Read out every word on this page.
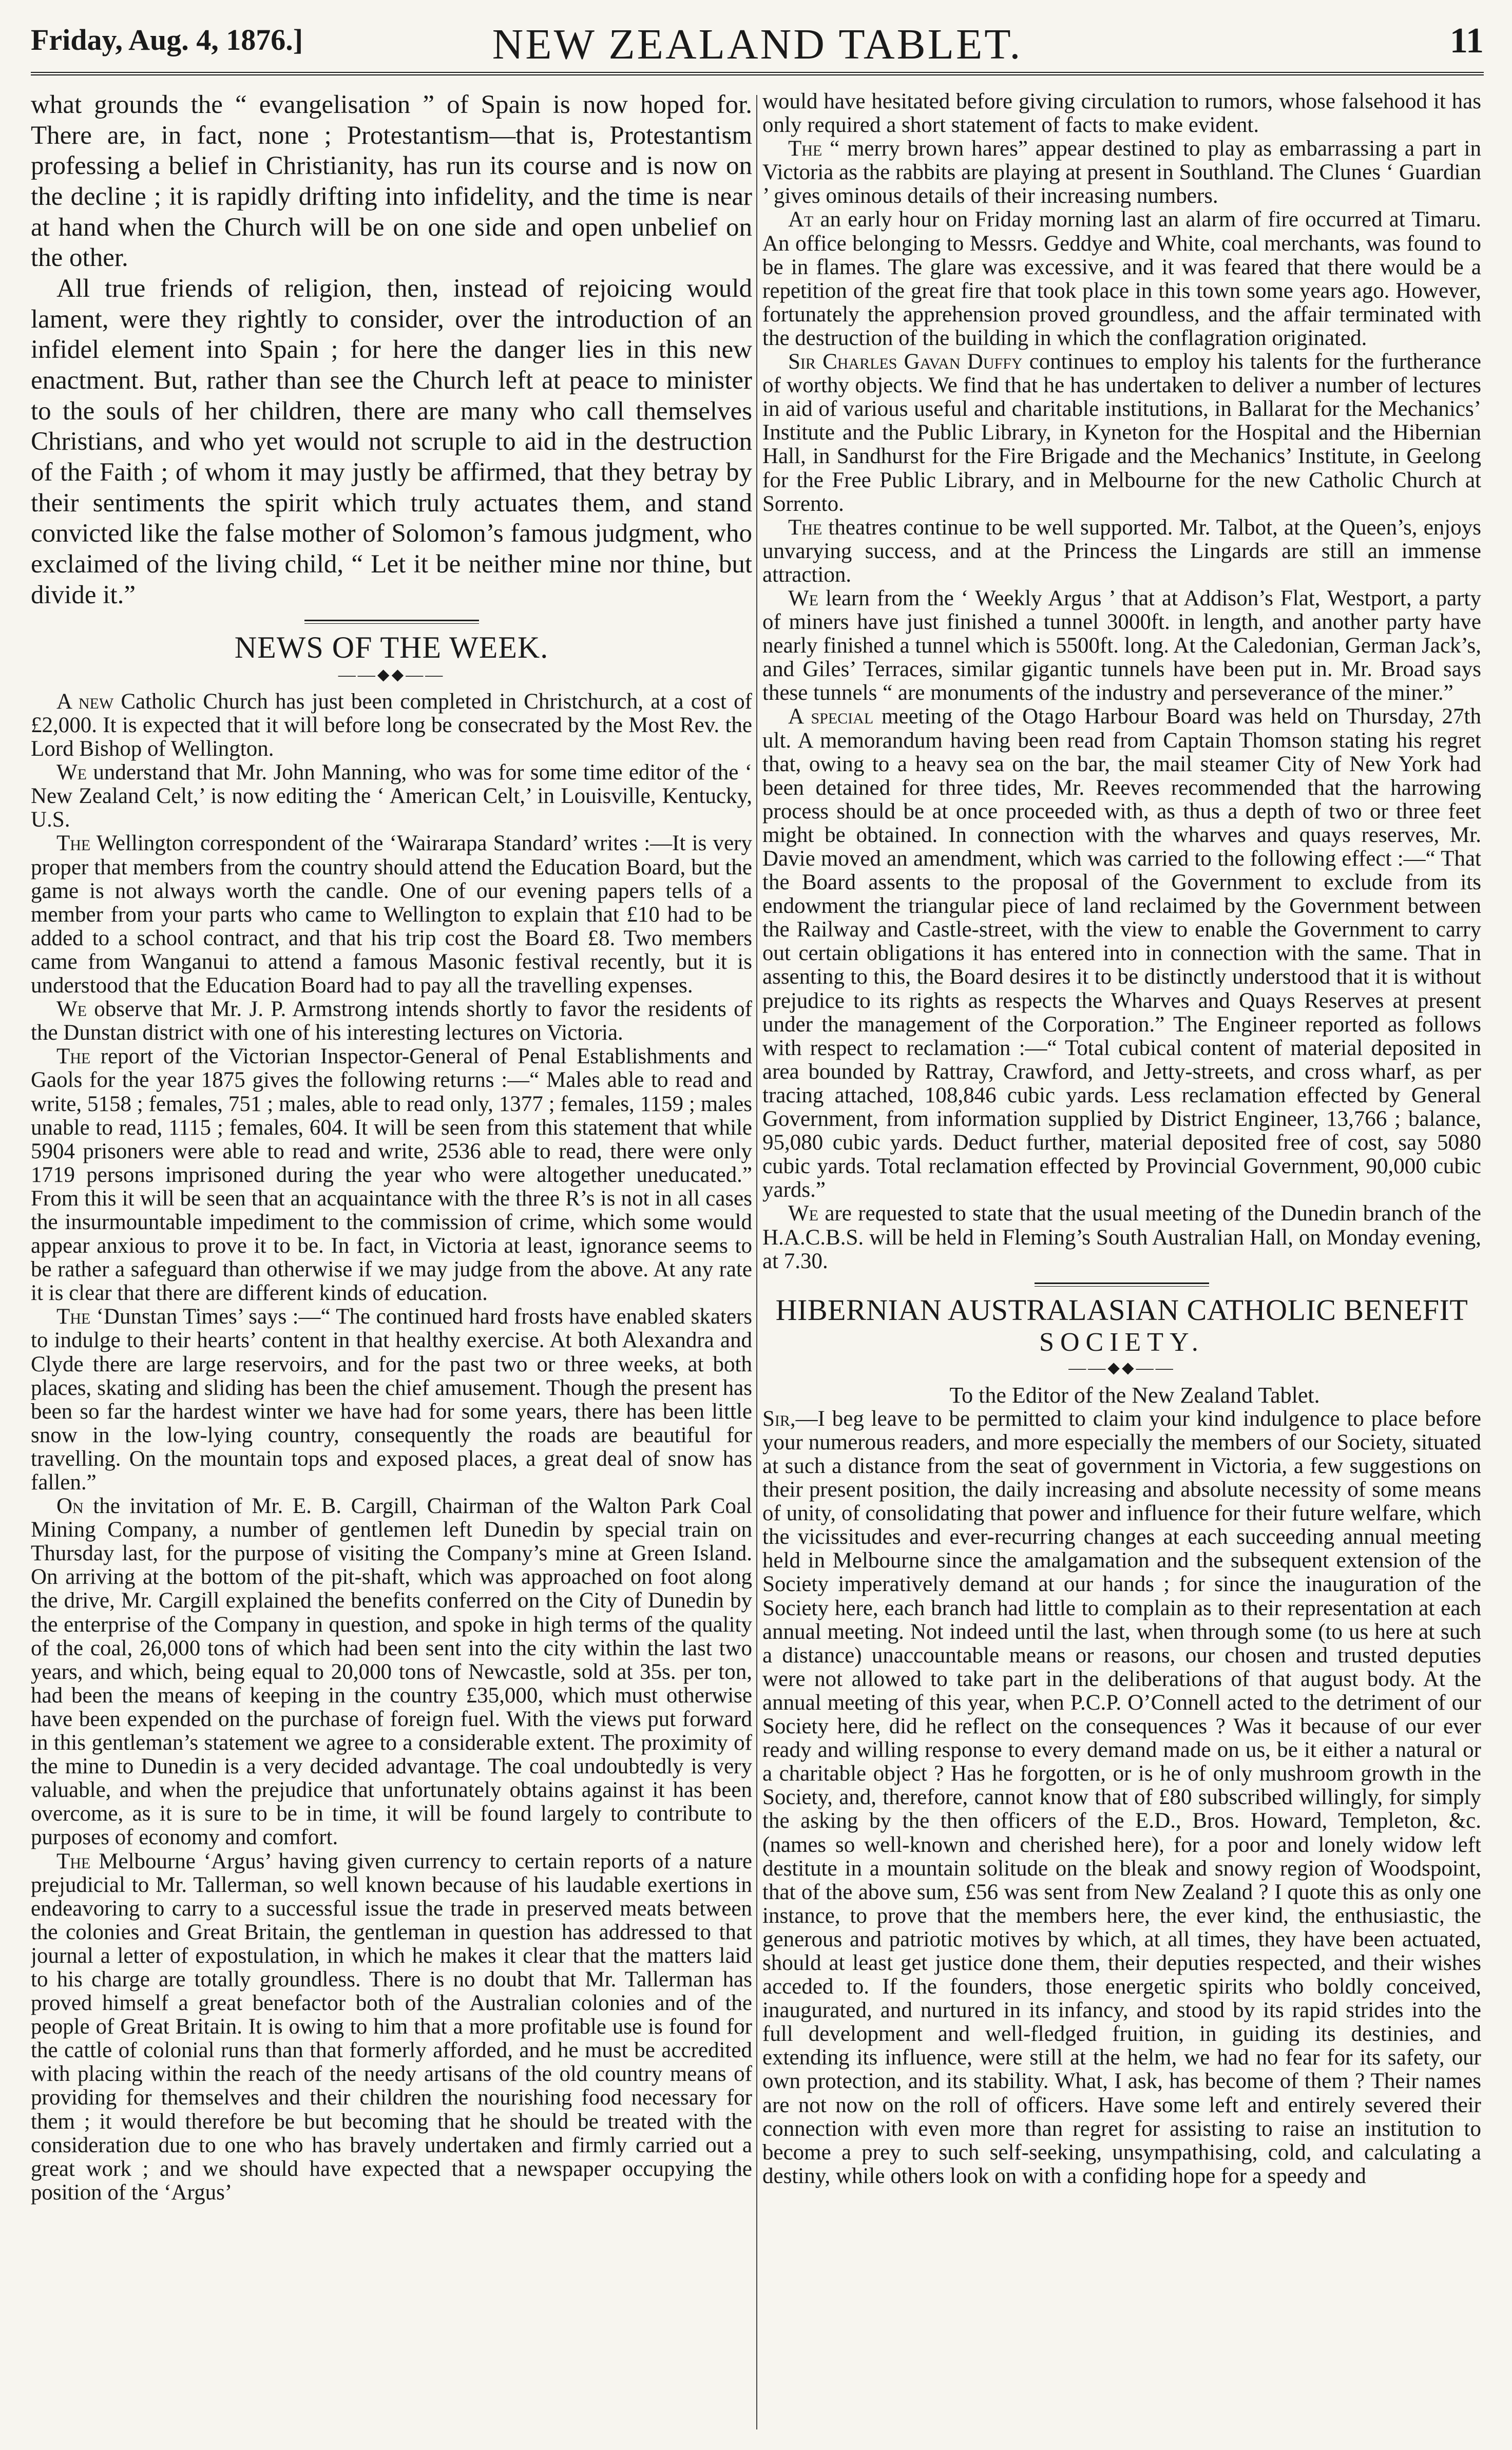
Friday, Aug. 4, 1876.]	NEW ZEALAND TABLET.	11

what grounds the “ evangelisation ” of Spain is now hoped for. There are, in fact, none ; Protestantism—that is, Protestantism professing a belief in Christianity, has run its course and is now on the decline ; it is rapidly drifting into infidelity, and the time is near at hand when the Church will be on one side and open unbelief on the other.

All true friends of religion, then, instead of rejoicing would lament, were they rightly to consider, over the introduction of an infidel element into Spain ; for here the danger lies in this new enactment. But, rather than see the Church left at peace to minister to the souls of her children, there are many who call themselves Christians, and who yet would not scruple to aid in the destruction of the Faith ; of whom it may justly be affirmed, that they betray by their sentiments the spirit which truly actuates them, and stand convicted like the false mother of Solomon’s famous judgment, who exclaimed of the living child, “ Let it be neither mine nor thine, but divide it.”

NEWS OF THE WEEK.
——⬥⬥——

A new Catholic Church has just been completed in Christchurch, at a cost of £2,000. It is expected that it will before long be consecrated by the Most Rev. the Lord Bishop of Wellington.

We understand that Mr. John Manning, who was for some time editor of the ‘ New Zealand Celt,’ is now editing the ‘ American Celt,’ in Louisville, Kentucky, U.S.

The Wellington correspondent of the ‘Wairarapa Standard’ writes :—It is very proper that members from the country should attend the Education Board, but the game is not always worth the candle. One of our evening papers tells of a member from your parts who came to Wellington to explain that £10 had to be added to a school contract, and that his trip cost the Board £8. Two members came from Wanganui to attend a famous Masonic festival recently, but it is understood that the Education Board had to pay all the travelling expenses.

We observe that Mr. J. P. Armstrong intends shortly to favor the residents of the Dunstan district with one of his interesting lectures on Victoria.

The report of the Victorian Inspector-General of Penal Establishments and Gaols for the year 1875 gives the following returns :—“ Males able to read and write, 5158 ; females, 751 ; males, able to read only, 1377 ; females, 1159 ; males unable to read, 1115 ; females, 604. It will be seen from this statement that while 5904 prisoners were able to read and write, 2536 able to read, there were only 1719 persons imprisoned during the year who were altogether uneducated.” From this it will be seen that an acquaintance with the three R’s is not in all cases the insurmountable impediment to the commission of crime, which some would appear anxious to prove it to be. In fact, in Victoria at least, ignorance seems to be rather a safeguard than otherwise if we may judge from the above. At any rate it is clear that there are different kinds of education.

The ‘Dunstan Times’ says :—“ The continued hard frosts have enabled skaters to indulge to their hearts’ content in that healthy exercise. At both Alexandra and Clyde there are large reservoirs, and for the past two or three weeks, at both places, skating and sliding has been the chief amusement. Though the present has been so far the hardest winter we have had for some years, there has been little snow in the low-lying country, consequently the roads are beautiful for travelling. On the mountain tops and exposed places, a great deal of snow has fallen.”

On the invitation of Mr. E. B. Cargill, Chairman of the Walton Park Coal Mining Company, a number of gentlemen left Dunedin by special train on Thursday last, for the purpose of visiting the Company’s mine at Green Island. On arriving at the bottom of the pit-shaft, which was approached on foot along the drive, Mr. Cargill explained the benefits conferred on the City of Dunedin by the enterprise of the Company in question, and spoke in high terms of the quality of the coal, 26,000 tons of which had been sent into the city within the last two years, and which, being equal to 20,000 tons of Newcastle, sold at 35s. per ton, had been the means of keeping in the country £35,000, which must otherwise have been expended on the purchase of foreign fuel. With the views put forward in this gentleman’s statement we agree to a considerable extent. The proximity of the mine to Dunedin is a very decided advantage. The coal undoubtedly is very valuable, and when the prejudice that unfortunately obtains against it has been overcome, as it is sure to be in time, it will be found largely to contribute to purposes of economy and comfort.

The Melbourne ‘Argus’ having given currency to certain reports of a nature prejudicial to Mr. Tallerman, so well known because of his laudable exertions in endeavoring to carry to a successful issue the trade in preserved meats between the colonies and Great Britain, the gentleman in question has addressed to that journal a letter of expostulation, in which he makes it clear that the matters laid to his charge are totally groundless. There is no doubt that Mr. Tallerman has proved himself a great benefactor both of the Australian colonies and of the people of Great Britain. It is owing to him that a more profitable use is found for the cattle of colonial runs than that formerly afforded, and he must be accredited with placing within the reach of the needy artisans of the old country means of providing for themselves and their children the nourishing food necessary for them ; it would therefore be but becoming that he should be treated with the consideration due to one who has bravely undertaken and firmly carried out a great work ; and we should have expected that a newspaper occupying the position of the ‘Argus’

would have hesitated before giving circulation to rumors, whose falsehood it has only required a short statement of facts to make evident.

The “ merry brown hares” appear destined to play as embarrassing a part in Victoria as the rabbits are playing at present in Southland. The Clunes ‘ Guardian ’ gives ominous details of their increasing numbers.

At an early hour on Friday morning last an alarm of fire occurred at Timaru. An office belonging to Messrs. Geddye and White, coal merchants, was found to be in flames. The glare was excessive, and it was feared that there would be a repetition of the great fire that took place in this town some years ago. However, fortunately the apprehension proved groundless, and the affair terminated with the destruction of the building in which the conflagration originated.

Sir Charles Gavan Duffy continues to employ his talents for the furtherance of worthy objects. We find that he has undertaken to deliver a number of lectures in aid of various useful and charitable institutions, in Ballarat for the Mechanics’ Institute and the Public Library, in Kyneton for the Hospital and the Hibernian Hall, in Sandhurst for the Fire Brigade and the Mechanics’ Institute, in Geelong for the Free Public Library, and in Melbourne for the new Catholic Church at Sorrento.

The theatres continue to be well supported. Mr. Talbot, at the Queen’s, enjoys unvarying success, and at the Princess the Lingards are still an immense attraction.

We learn from the ‘ Weekly Argus ’ that at Addison’s Flat, Westport, a party of miners have just finished a tunnel 3000ft. in length, and another party have nearly finished a tunnel which is 5500ft. long. At the Caledonian, German Jack’s, and Giles’ Terraces, similar gigantic tunnels have been put in. Mr. Broad says these tunnels “ are monuments of the industry and perseverance of the miner.”

A special meeting of the Otago Harbour Board was held on Thursday, 27th ult. A memorandum having been read from Captain Thomson stating his regret that, owing to a heavy sea on the bar, the mail steamer City of New York had been detained for three tides, Mr. Reeves recommended that the harrowing process should be at once proceeded with, as thus a depth of two or three feet might be obtained. In connection with the wharves and quays reserves, Mr. Davie moved an amendment, which was carried to the following effect :—“ That the Board assents to the proposal of the Government to exclude from its endowment the triangular piece of land reclaimed by the Government between the Railway and Castle-street, with the view to enable the Government to carry out certain obligations it has entered into in connection with the same. That in assenting to this, the Board desires it to be distinctly understood that it is without prejudice to its rights as respects the Wharves and Quays Reserves at present under the management of the Corporation.” The Engineer reported as follows with respect to reclamation :—“ Total cubical content of material deposited in area bounded by Rattray, Crawford, and Jetty-streets, and cross wharf, as per tracing attached, 108,846 cubic yards. Less reclamation effected by General Government, from information supplied by District Engineer, 13,766 ; balance, 95,080 cubic yards. Deduct further, material deposited free of cost, say 5080 cubic yards. Total reclamation effected by Provincial Government, 90,000 cubic yards.”

We are requested to state that the usual meeting of the Dunedin branch of the H.A.C.B.S. will be held in Fleming’s South Australian Hall, on Monday evening, at 7.30.

HIBERNIAN AUSTRALASIAN CATHOLIC BENEFIT
SOCIETY.
——⬥⬥——

To the Editor of the New Zealand Tablet.

Sir,—I beg leave to be permitted to claim your kind indulgence to place before your numerous readers, and more especially the members of our Society, situated at such a distance from the seat of government in Victoria, a few suggestions on their present position, the daily increasing and absolute necessity of some means of unity, of consolidating that power and influence for their future welfare, which the vicissitudes and ever-recurring changes at each succeeding annual meeting held in Melbourne since the amalgamation and the subsequent extension of the Society imperatively demand at our hands ; for since the inauguration of the Society here, each branch had little to complain as to their representation at each annual meeting. Not indeed until the last, when through some (to us here at such a distance) unaccountable means or reasons, our chosen and trusted deputies were not allowed to take part in the deliberations of that august body. At the annual meeting of this year, when P.C.P. O’Connell acted to the detriment of our Society here, did he reflect on the consequences ? Was it because of our ever ready and willing response to every demand made on us, be it either a natural or a charitable object ? Has he forgotten, or is he of only mushroom growth in the Society, and, therefore, cannot know that of £80 subscribed willingly, for simply the asking by the then officers of the E.D., Bros. Howard, Templeton, &c. (names so well-known and cherished here), for a poor and lonely widow left destitute in a mountain solitude on the bleak and snowy region of Woodspoint, that of the above sum, £56 was sent from New Zealand ? I quote this as only one instance, to prove that the members here, the ever kind, the enthusiastic, the generous and patriotic motives by which, at all times, they have been actuated, should at least get justice done them, their deputies respected, and their wishes acceded to. If the founders, those energetic spirits who boldly conceived, inaugurated, and nurtured in its infancy, and stood by its rapid strides into the full development and well-fledged fruition, in guiding its destinies, and extending its influence, were still at the helm, we had no fear for its safety, our own protection, and its stability. What, I ask, has become of them ? Their names are not now on the roll of officers. Have some left and entirely severed their connection with even more than regret for assisting to raise an institution to become a prey to such self-seeking, unsympathising, cold, and calculating a destiny, while others look on with a confiding hope for a speedy and
